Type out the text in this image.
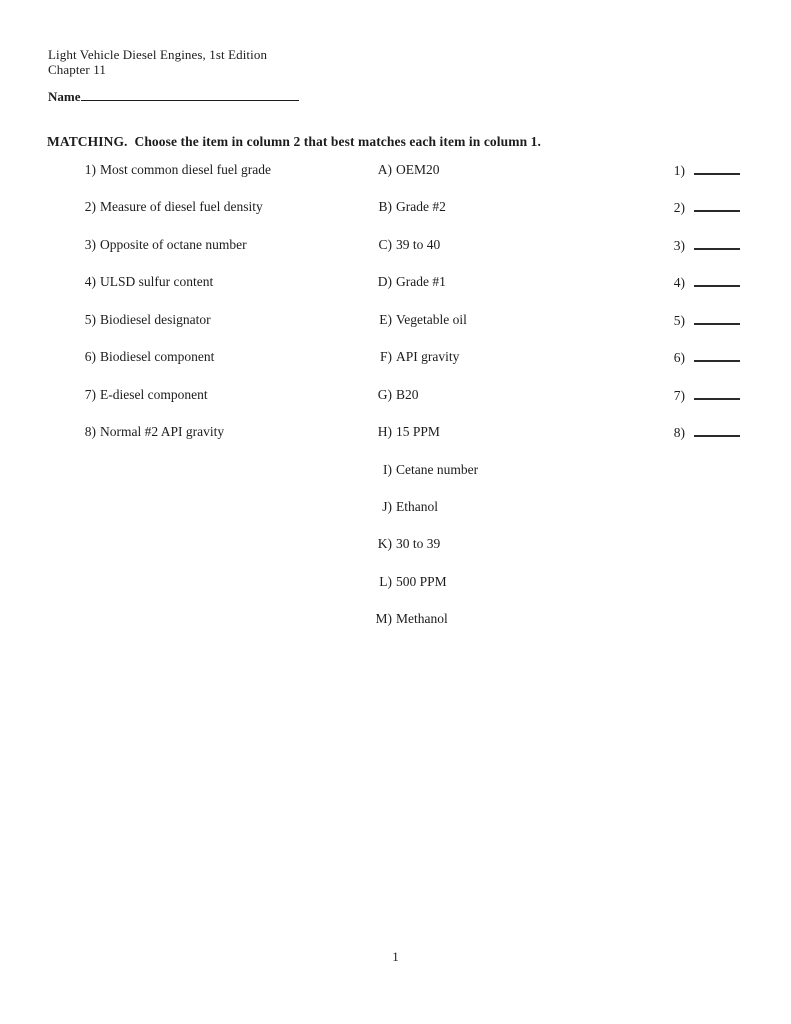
Light Vehicle Diesel Engines, 1st Edition
Chapter 11
Name
MATCHING.  Choose the item in column 2 that best matches each item in column 1.
1) Most common diesel fuel grade
2) Measure of diesel fuel density
3) Opposite of octane number
4) ULSD sulfur content
5) Biodiesel designator
6) Biodiesel component
7) E-diesel component
8) Normal #2 API gravity
A) OEM20
B) Grade #2
C) 39 to 40
D) Grade #1
E) Vegetable oil
F) API gravity
G) B20
H) 15 PPM
I) Cetane number
J) Ethanol
K) 30 to 39
L) 500 PPM
M) Methanol
1)
2)
3)
4)
5)
6)
7)
8)
1
